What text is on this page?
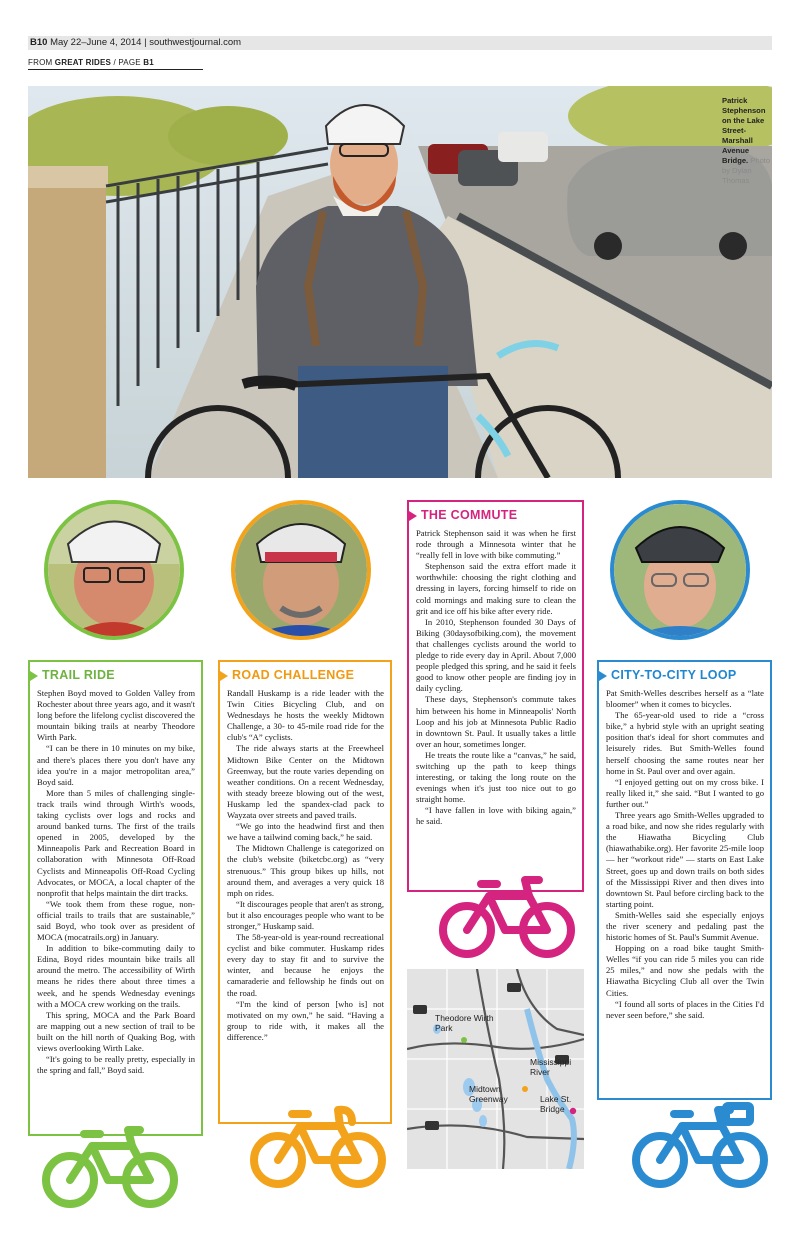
B10 May 22–June 4, 2014 | southwestjournal.com
FROM GREAT RIDES / PAGE B1
Patrick Stephenson on the Lake Street-Marshall Avenue Bridge. Photo by Dylan Thomas
TRAIL RIDE

Stephen Boyd moved to Golden Valley from Rochester about three years ago, and it wasn't long before the lifelong cyclist discovered the mountain biking trails at nearby Theodore Wirth Park.

“I can be there in 10 minutes on my bike, and there's places there you don't have any idea you're in a major metropolitan area,” Boyd said.

More than 5 miles of challenging single-track trails wind through Wirth's woods, taking cyclists over logs and rocks and around banked turns. The first of the trails opened in 2005, developed by the Minneapolis Park and Recreation Board in collaboration with Minnesota Off-Road Cyclists and Minneapolis Off-Road Cycling Advocates, or MOCA, a local chapter of the nonprofit that helps maintain the dirt tracks.

“We took them from these rogue, non-official trails to trails that are sustainable,” said Boyd, who took over as president of MOCA (mocatrails.org) in January.

In addition to bike-commuting daily to Edina, Boyd rides mountain bike trails all around the metro. The accessibility of Wirth means he rides there about three times a week, and he spends Wednesday evenings with a MOCA crew working on the trails.

This spring, MOCA and the Park Board are mapping out a new section of trail to be built on the hill north of Quaking Bog, with views overlooking Wirth Lake.

“It's going to be really pretty, especially in the spring and fall,” Boyd said.

ROAD CHALLENGE

Randall Huskamp is a ride leader with the Twin Cities Bicycling Club, and on Wednesdays he hosts the weekly Midtown Challenge, a 30- to 45-mile road ride for the club's “A” cyclists.

The ride always starts at the Freewheel Midtown Bike Center on the Midtown Greenway, but the route varies depending on weather conditions. On a recent Wednesday, with steady breeze blowing out of the west, Huskamp led the spandex-clad pack to Wayzata over streets and paved trails.

“We go into the headwind first and then we have a tailwind coming back,” he said.

The Midtown Challenge is categorized on the club's website (biketcbc.org) as “very strenuous.” This group bikes up hills, not around them, and averages a very quick 18 mph on rides.

“It discourages people that aren't as strong, but it also encourages people who want to be stronger,” Huskamp said.

The 58-year-old is year-round recreational cyclist and bike commuter. Huskamp rides every day to stay fit and to survive the winter, and because he enjoys the camaraderie and fellowship he finds out on the road.

“I'm the kind of person [who is] not motivated on my own,” he said. “Having a group to ride with, it makes all the difference.”

THE COMMUTE

Patrick Stephenson said it was when he first rode through a Minnesota winter that he “really fell in love with bike commuting.”

Stephenson said the extra effort made it worthwhile: choosing the right clothing and dressing in layers, forcing himself to ride on cold mornings and making sure to clean the grit and ice off his bike after every ride.

In 2010, Stephenson founded 30 Days of Biking (30daysofbiking.com), the movement that challenges cyclists around the world to pledge to ride every day in April. About 7,000 people pledged this spring, and he said it feels good to know other people are finding joy in daily cycling.

These days, Stephenson's commute takes him between his home in Minneapolis' North Loop and his job at Minnesota Public Radio in downtown St. Paul. It usually takes a little over an hour, sometimes longer.

He treats the route like a “canvas,” he said, switching up the path to keep things interesting, or taking the long route on the evenings when it's just too nice out to go straight home.

“I have fallen in love with biking again,” he said.

CITY-TO-CITY LOOP

Pat Smith-Welles describes herself as a “late bloomer” when it comes to bicycles.

The 65-year-old used to ride a “cross bike,” a hybrid style with an upright seating position that's ideal for short commutes and leisurely rides. But Smith-Welles found herself choosing the same routes near her home in St. Paul over and over again.

“I enjoyed getting out on my cross bike. I really liked it,” she said. “But I wanted to go further out.”

Three years ago Smith-Welles upgraded to a road bike, and now she rides regularly with the Hiawatha Bicycling Club (hiawathabike.org). Her favorite 25-mile loop — her “workout ride” — starts on East Lake Street, goes up and down trails on both sides of the Mississippi River and then dives into downtown St. Paul before circling back to the starting point.

Smith-Welles said she especially enjoys the river scenery and pedaling past the historic homes of St. Paul's Summit Avenue.

Hopping on a road bike taught Smith-Welles “if you can ride 5 miles you can ride 25 miles,” and now she pedals with the Hiawatha Bicycling Club all over the Twin Cities.

“I found all sorts of places in the Cities I'd never seen before,” she said.

Theodore Wirth Park
Mississippi River
Midtown Greenway	Lake St. Bridge
